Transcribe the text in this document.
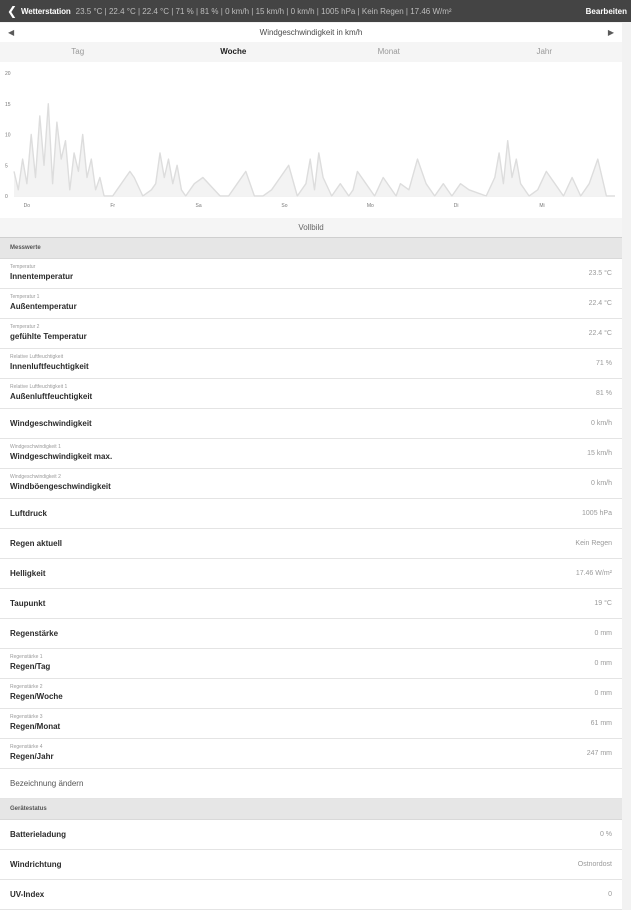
❮ Wetterstation 23.5 °C | 22.4 °C | 22.4 °C | 71 % | 81 % | 0 km/h | 15 km/h | 0 km/h | 1005 hPa | Kein Regen | 17.46 W/m²	Bearbeiten
◀	Windgeschwindigkeit in km/h	▶
Tag	Woche	Monat	Jahr
0
5
10
15
20
Do	Fr	Sa	So	Mo	Di	Mi
Vollbild
Messwerte
Temperatur
Innentemperatur	23.5 °C
Temperatur 1
Außentemperatur	22.4 °C
Temperatur 2
gefühlte Temperatur	22.4 °C
Relative Luftfeuchtigkeit
Innenluftfeuchtigkeit	71 %
Relative Luftfeuchtigkeit 1
Außenluftfeuchtigkeit	81 %
Windgeschwindigkeit	0 km/h
Windgeschwindigkeit 1
Windgeschwindigkeit max.	15 km/h
Windgeschwindigkeit 2
Windböengeschwindigkeit	0 km/h
Luftdruck	1005 hPa
Regen aktuell	Kein Regen
Helligkeit	17.46 W/m²
Taupunkt	19 °C
Regenstärke	0 mm
Regenstärke 1
Regen/Tag	0 mm
Regenstärke 2
Regen/Woche	0 mm
Regenstärke 3
Regen/Monat	61 mm
Regenstärke 4
Regen/Jahr	247 mm
Bezeichnung ändern
Gerätestatus
Batterieladung	0 %
Windrichtung	Ostnordost
UV-Index	0
